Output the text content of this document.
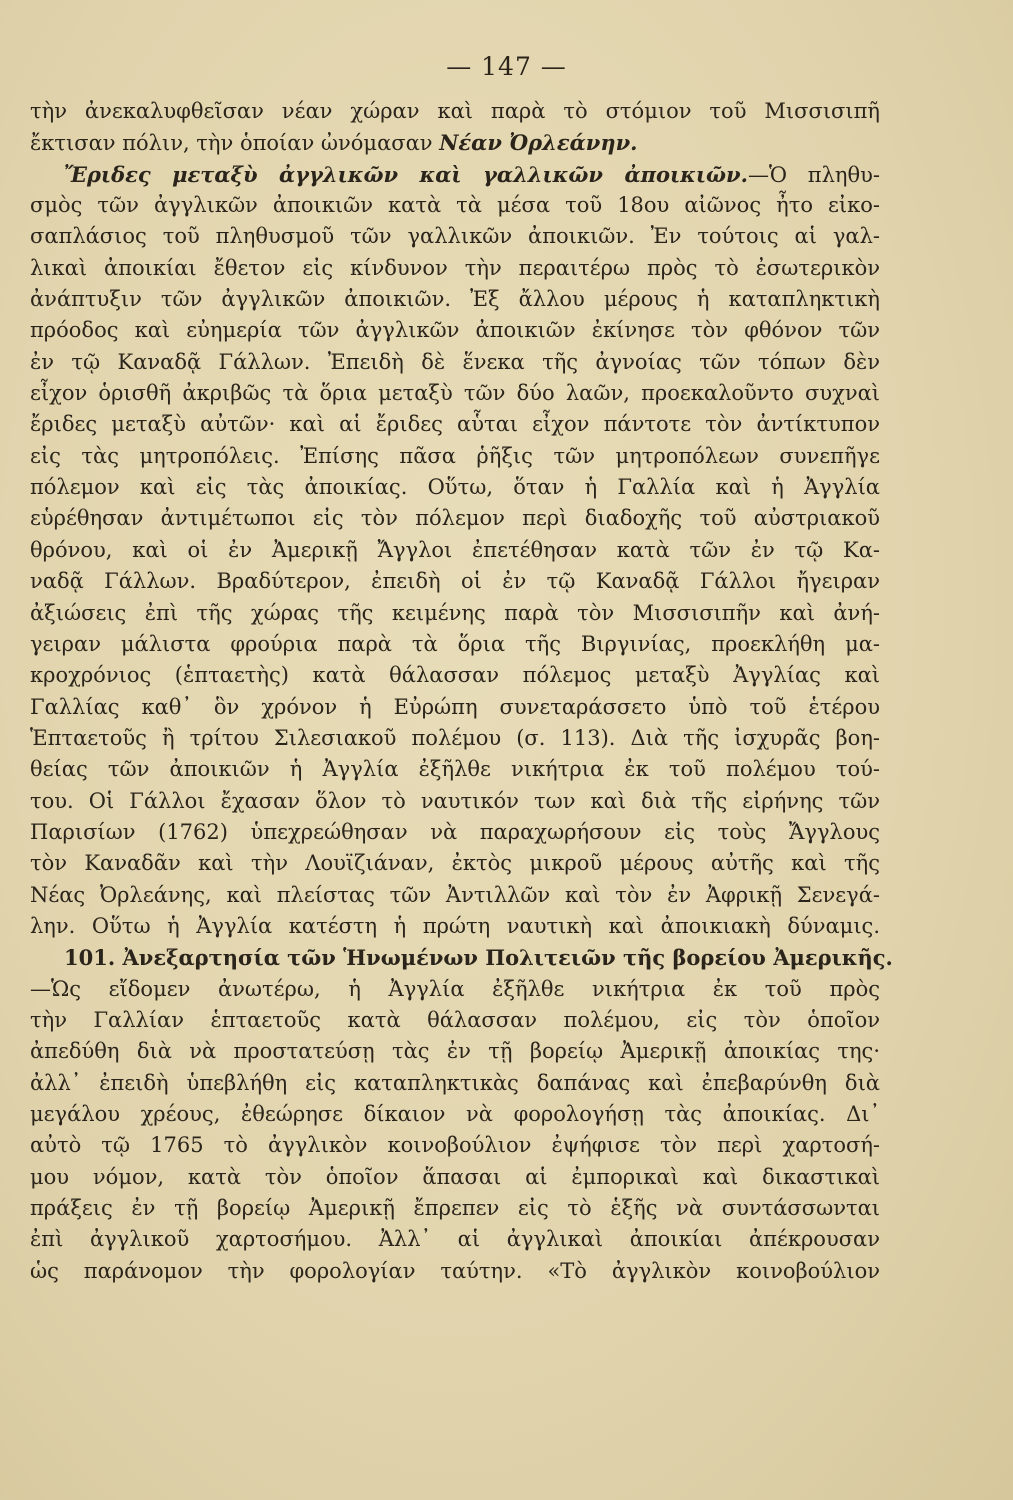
— 147 —
τὴν ἀνεκαλυφθεῖσαν νέαν χώραν καὶ παρὰ τὸ στόμιον τοῦ Μισσισιπῆ
ἔκτισαν πόλιν, τὴν ὁποίαν ὠνόμασαν Νέαν Ὀρλεάνην.
Ἔριδες μεταξὺ ἀγγλικῶν καὶ γαλλικῶν ἀποικιῶν.—Ὁ πληθυ-
σμὸς τῶν ἀγγλικῶν ἀποικιῶν κατὰ τὰ μέσα τοῦ 18ου αἰῶνος ἦτο εἰκο-
σαπλάσιος τοῦ πληθυσμοῦ τῶν γαλλικῶν ἀποικιῶν. Ἐν τούτοις αἱ γαλ-
λικαὶ ἀποικίαι ἔθετον εἰς κίνδυνον τὴν περαιτέρω πρὸς τὸ ἐσωτερικὸν
ἀνάπτυξιν τῶν ἀγγλικῶν ἀποικιῶν. Ἐξ ἄλλου μέρους ἡ καταπληκτικὴ
πρόοδος καὶ εὐημερία τῶν ἀγγλικῶν ἀποικιῶν ἐκίνησε τὸν φθόνον τῶν
ἐν τῷ Καναδᾷ Γάλλων. Ἐπειδὴ δὲ ἕνεκα τῆς ἀγνοίας τῶν τόπων δὲν
εἶχον ὁρισθῆ ἀκριβῶς τὰ ὅρια μεταξὺ τῶν δύο λαῶν, προεκαλοῦντο συχναὶ
ἔριδες μεταξὺ αὐτῶν· καὶ αἱ ἔριδες αὗται εἶχον πάντοτε τὸν ἀντίκτυπον
εἰς τὰς μητροπόλεις. Ἐπίσης πᾶσα ῥῆξις τῶν μητροπόλεων συνεπῆγε
πόλεμον καὶ εἰς τὰς ἀποικίας. Οὕτω, ὅταν ἡ Γαλλία καὶ ἡ Ἀγγλία
εὑρέθησαν ἀντιμέτωποι εἰς τὸν πόλεμον περὶ διαδοχῆς τοῦ αὐστριακοῦ
θρόνου, καὶ οἱ ἐν Ἀμερικῇ Ἄγγλοι ἐπετέθησαν κατὰ τῶν ἐν τῷ Κα-
ναδᾷ Γάλλων. Βραδύτερον, ἐπειδὴ οἱ ἐν τῷ Καναδᾷ Γάλλοι ἤγειραν
ἀξιώσεις ἐπὶ τῆς χώρας τῆς κειμένης παρὰ τὸν Μισσισιπῆν καὶ ἀνή-
γειραν μάλιστα φρούρια παρὰ τὰ ὅρια τῆς Βιργινίας, προεκλήθη μα-
κροχρόνιος (ἑπταετὴς) κατὰ θάλασσαν πόλεμος μεταξὺ Ἀγγλίας καὶ
Γαλλίας καθ᾽ ὃν χρόνον ἡ Εὐρώπη συνεταράσσετο ὑπὸ τοῦ ἑτέρου
Ἑπταετοῦς ἢ τρίτου Σιλεσιακοῦ πολέμου (σ. 113). Διὰ τῆς ἰσχυρᾶς βοη-
θείας τῶν ἀποικιῶν ἡ Ἀγγλία ἐξῆλθε νικήτρια ἐκ τοῦ πολέμου τού-
του. Οἱ Γάλλοι ἔχασαν ὅλον τὸ ναυτικόν των καὶ διὰ τῆς εἰρήνης τῶν
Παρισίων (1762) ὑπεχρεώθησαν νὰ παραχωρήσουν εἰς τοὺς Ἄγγλους
τὸν Καναδᾶν καὶ τὴν Λουϊζιάναν, ἐκτὸς μικροῦ μέρους αὐτῆς καὶ τῆς
Νέας Ὀρλεάνης, καὶ πλείστας τῶν Ἀντιλλῶν καὶ τὸν ἐν Ἀφρικῇ Σενεγά-
λην. Οὕτω ἡ Ἀγγλία κατέστη ἡ πρώτη ναυτικὴ καὶ ἀποικιακὴ δύναμις.
101. Ἀνεξαρτησία τῶν Ἡνωμένων Πολιτειῶν τῆς βορείου Ἀμερικῆς.
—Ὡς εἴδομεν ἀνωτέρω, ἡ Ἀγγλία ἐξῆλθε νικήτρια ἐκ τοῦ πρὸς
τὴν Γαλλίαν ἑπταετοῦς κατὰ θάλασσαν πολέμου, εἰς τὸν ὁποῖον
ἀπεδύθη διὰ νὰ προστατεύσῃ τὰς ἐν τῇ βορείῳ Ἀμερικῇ ἀποικίας της·
ἀλλ᾽ ἐπειδὴ ὑπεβλήθη εἰς καταπληκτικὰς δαπάνας καὶ ἐπεβαρύνθη διὰ
μεγάλου χρέους, ἐθεώρησε δίκαιον νὰ φορολογήσῃ τὰς ἀποικίας. Δι᾽
αὐτὸ τῷ 1765 τὸ ἀγγλικὸν κοινοβούλιον ἐψήφισε τὸν περὶ χαρτοσή-
μου νόμον, κατὰ τὸν ὁποῖον ἅπασαι αἱ ἐμπορικαὶ καὶ δικαστικαὶ
πράξεις ἐν τῇ βορείῳ Ἀμερικῇ ἔπρεπεν εἰς τὸ ἑξῆς νὰ συντάσσωνται
ἐπὶ ἀγγλικοῦ χαρτοσήμου. Ἀλλ᾽ αἱ ἀγγλικαὶ ἀποικίαι ἀπέκρουσαν
ὡς παράνομον τὴν φορολογίαν ταύτην. «Τὸ ἀγγλικὸν κοινοβούλιον
